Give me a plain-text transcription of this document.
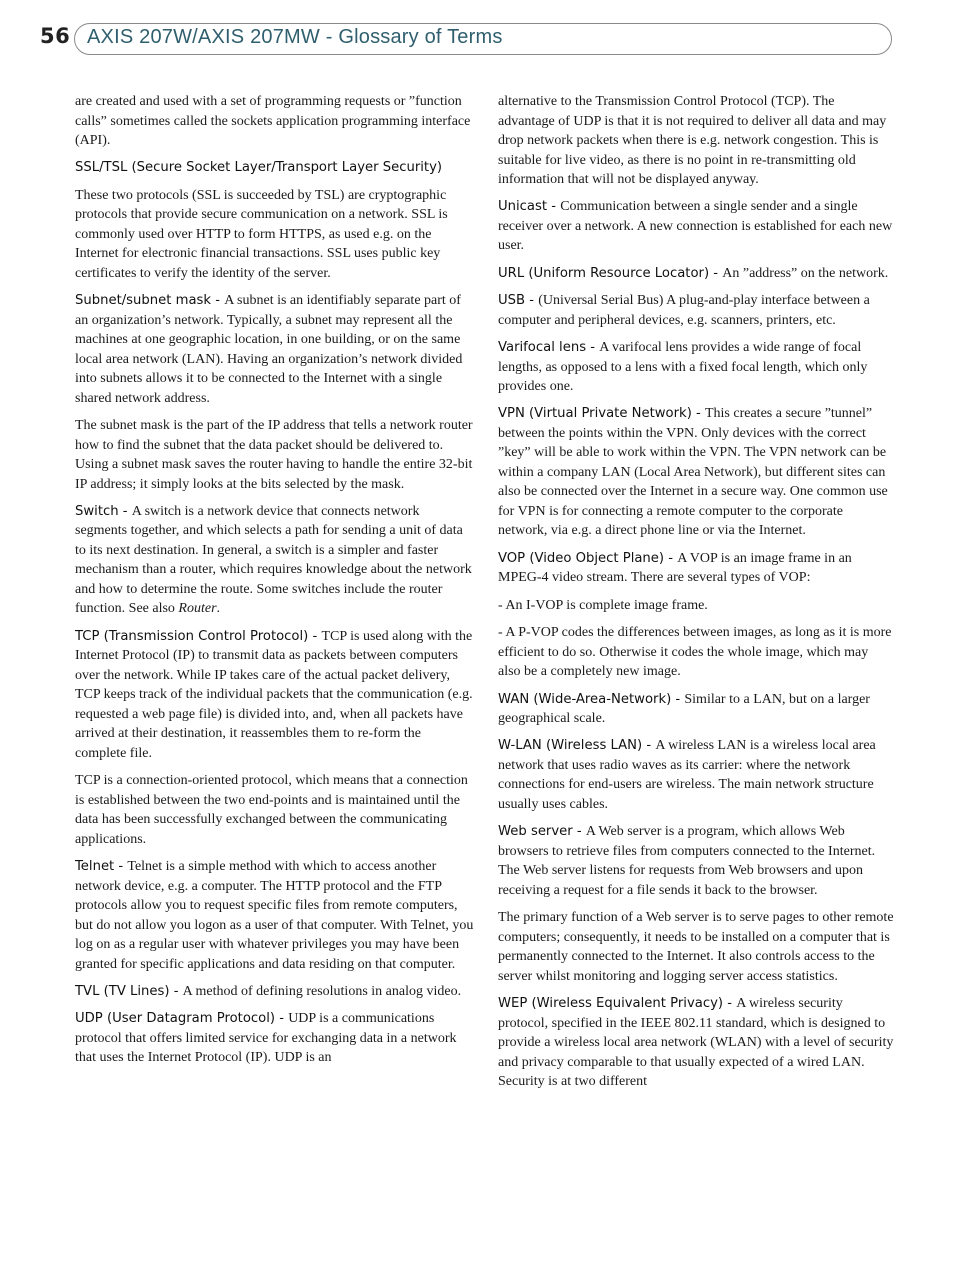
56 AXIS 207W/AXIS 207MW - Glossary of Terms

are created and used with a set of programming requests or ”function calls” sometimes called the sockets application programming interface (API).

SSL/TSL (Secure Socket Layer/Transport Layer Security)

These two protocols (SSL is succeeded by TSL) are cryptographic protocols that provide secure communication on a network. SSL is commonly used over HTTP to form HTTPS, as used e.g. on the Internet for electronic financial transactions. SSL uses public key certificates to verify the identity of the server.

Subnet/subnet mask - A subnet is an identifiably separate part of an organization’s network. Typically, a subnet may represent all the machines at one geographic location, in one building, or on the same local area network (LAN). Having an organization’s network divided into subnets allows it to be connected to the Internet with a single shared network address.

The subnet mask is the part of the IP address that tells a network router how to find the subnet that the data packet should be delivered to. Using a subnet mask saves the router having to handle the entire 32-bit IP address; it simply looks at the bits selected by the mask.

Switch - A switch is a network device that connects network segments together, and which selects a path for sending a unit of data to its next destination. In general, a switch is a simpler and faster mechanism than a router, which requires knowledge about the network and how to determine the route. Some switches include the router function. See also Router.

TCP (Transmission Control Protocol) - TCP is used along with the Internet Protocol (IP) to transmit data as packets between computers over the network. While IP takes care of the actual packet delivery, TCP keeps track of the individual packets that the communication (e.g. requested a web page file) is divided into, and, when all packets have arrived at their destination, it reassembles them to re-form the complete file.

TCP is a connection-oriented protocol, which means that a connection is established between the two end-points and is maintained until the data has been successfully exchanged between the communicating applications.

Telnet - Telnet is a simple method with which to access another network device, e.g. a computer. The HTTP protocol and the FTP protocols allow you to request specific files from remote computers, but do not allow you logon as a user of that computer. With Telnet, you log on as a regular user with whatever privileges you may have been granted for specific applications and data residing on that computer.

TVL (TV Lines) - A method of defining resolutions in analog video.

UDP (User Datagram Protocol) - UDP is a communications protocol that offers limited service for exchanging data in a network that uses the Internet Protocol (IP). UDP is an

alternative to the Transmission Control Protocol (TCP). The advantage of UDP is that it is not required to deliver all data and may drop network packets when there is e.g. network congestion. This is suitable for live video, as there is no point in re-transmitting old information that will not be displayed anyway.

Unicast - Communication between a single sender and a single receiver over a network. A new connection is established for each new user.

URL (Uniform Resource Locator) - An ”address” on the network.

USB - (Universal Serial Bus) A plug-and-play interface between a computer and peripheral devices, e.g. scanners, printers, etc.

Varifocal lens - A varifocal lens provides a wide range of focal lengths, as opposed to a lens with a fixed focal length, which only provides one.

VPN (Virtual Private Network) - This creates a secure ”tunnel” between the points within the VPN. Only devices with the correct ”key” will be able to work within the VPN. The VPN network can be within a company LAN (Local Area Network), but different sites can also be connected over the Internet in a secure way. One common use for VPN is for connecting a remote computer to the corporate network, via e.g. a direct phone line or via the Internet.

VOP (Video Object Plane) - A VOP is an image frame in an MPEG-4 video stream. There are several types of VOP:

- An I-VOP is complete image frame.

- A P-VOP codes the differences between images, as long as it is more efficient to do so. Otherwise it codes the whole image, which may also be a completely new image.

WAN (Wide-Area-Network) - Similar to a LAN, but on a larger geographical scale.

W-LAN (Wireless LAN) - A wireless LAN is a wireless local area network that uses radio waves as its carrier: where the network connections for end-users are wireless. The main network structure usually uses cables.

Web server - A Web server is a program, which allows Web browsers to retrieve files from computers connected to the Internet. The Web server listens for requests from Web browsers and upon receiving a request for a file sends it back to the browser.

The primary function of a Web server is to serve pages to other remote computers; consequently, it needs to be installed on a computer that is permanently connected to the Internet. It also controls access to the server whilst monitoring and logging server access statistics.

WEP (Wireless Equivalent Privacy) - A wireless security protocol, specified in the IEEE 802.11 standard, which is designed to provide a wireless local area network (WLAN) with a level of security and privacy comparable to that usually expected of a wired LAN. Security is at two different
